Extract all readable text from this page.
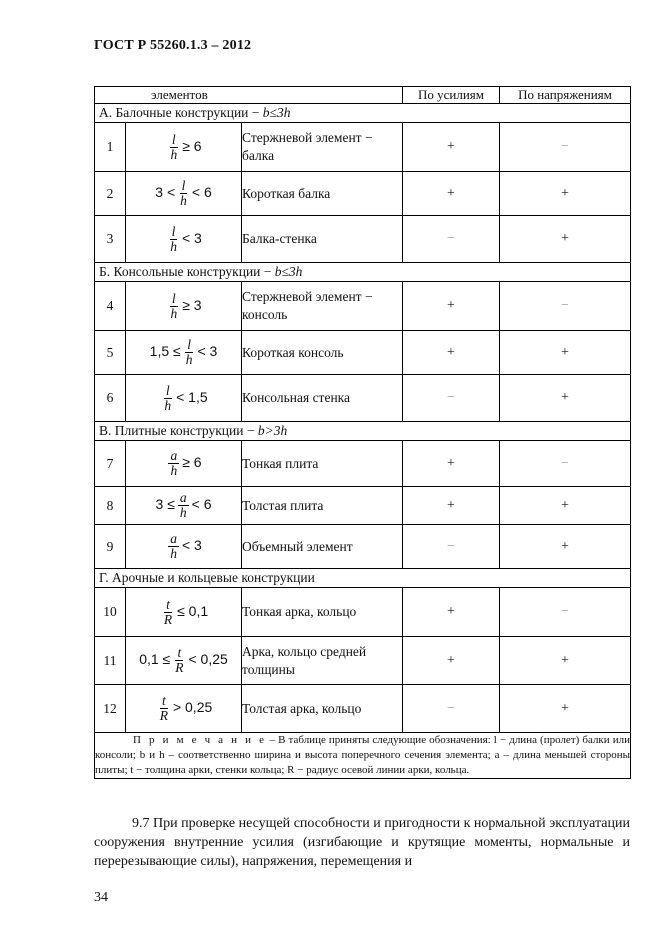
ГОСТ Р 55260.1.3 – 2012
элементов			По усилиям	По напряжениям
А. Балочные конструкции − b≤3h				
1	$\frac{l}{h} \ge 6$	Стержневой элемент − балка	+	−
2	$3 < \frac{l}{h} < 6$	Короткая балка	+	+
3	$\frac{l}{h} < 3$	Балка-стенка	−	+
Б. Консольные конструкции − b≤3h				
4	$\frac{l}{h} \ge 3$	Стержневой элемент − консоль	+	−
5	$1,5 \le \frac{l}{h} < 3$	Короткая консоль	+	+
6	$\frac{l}{h} < 1,5$	Консольная стенка	−	+
В. Плитные конструкции − b>3h				
7	$\frac{a}{h} \ge 6$	Тонкая плита	+	−
8	$3 \le \frac{a}{h} < 6$	Толстая плита	+	+
9	$\frac{a}{h} < 3$	Объемный элемент	−	+
Г. Арочные и кольцевые конструкции				
10	$\frac{t}{R} \le 0,1$	Тонкая арка, кольцо	+	−
11	$0,1 \le \frac{t}{R} < 0,25$	Арка, кольцо средней толщины	+	+
12	$\frac{t}{R} > 0,25$	Толстая арка, кольцо	−	+
П р и м е ч а н и е – В таблице приняты следующие обозначения: l − длина (пролет) балки или консоли; b и h – соответственно ширина и высота поперечного сечения элемента; a – длина меньшей стороны плиты; t − толщина арки, стенки кольца; R − радиус осевой линии арки, кольца.				
9.7 При проверке несущей способности и пригодности к нормальной эксплуатации сооружения внутренние усилия (изгибающие и крутящие моменты, нормальные и перерезывающие силы), напряжения, перемещения и
34
